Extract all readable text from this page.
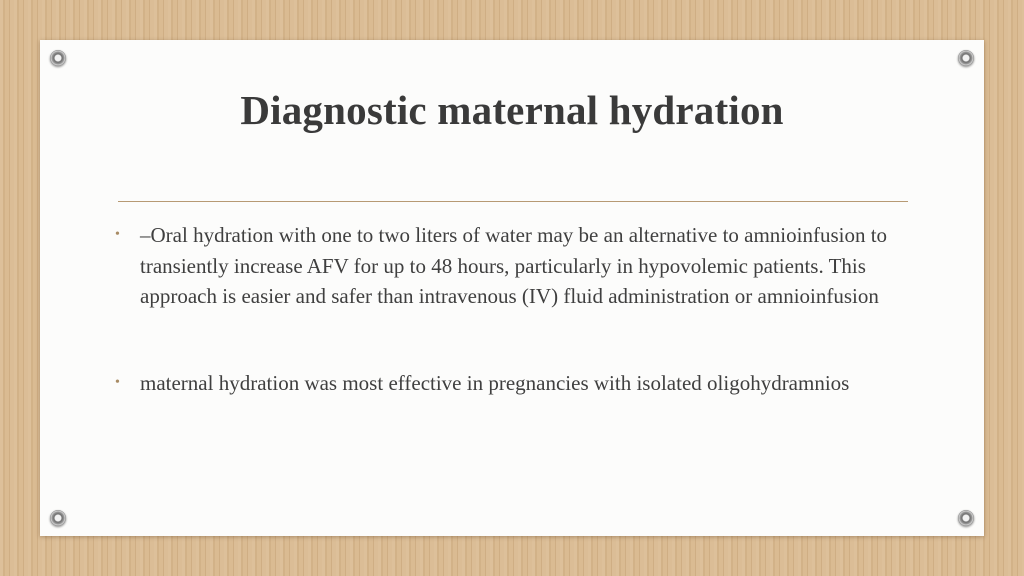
Diagnostic maternal hydration
• –Oral hydration with one to two liters of water may be an alternative to amnioinfusion to transiently increase AFV for up to 48 hours, particularly in hypovolemic patients. This approach is easier and safer than intravenous (IV) fluid administration or amnioinfusion
• maternal hydration was most effective in pregnancies with isolated oligohydramnios
